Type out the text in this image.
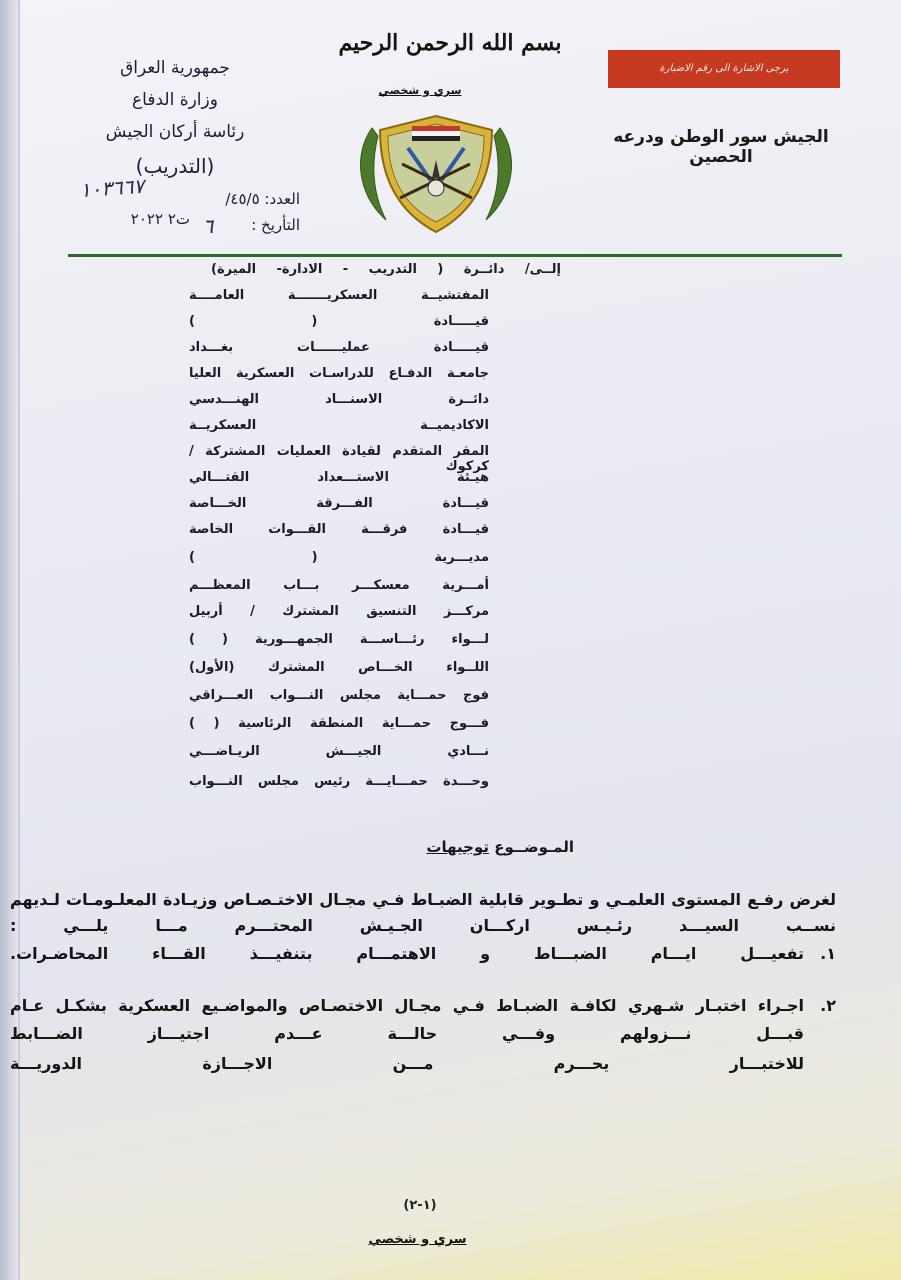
بسم الله الرحمن الرحيم
سري و شخصي
يرجى الاشارة الى رقم الاضبارة
الجيش سور الوطن ودرعه الحصين
جمهورية العراق
وزارة الدفاع
رئاسة أركان الجيش
(التدريب)
العدد: ٤٥/٥/
١٠٣٦٦٧
التأريخ :
٦
ت٢ ٢٠٢٢
إلــى/ دائــرة ( التدريب - الادارة- الميرة)
المفتشيــة العسكريـــــــة العامــــة
قيـــــادة ( )
قيـــــادة عمليــــــات بغـــداد
جامعـة الدفـاع للدراسـات العسكرية العليا
دائــرة الاسنـــاد الهنـــدسي
الاكاديميــة العسكريــة
المقر المتقدم لقيادة العمليات المشتركة / كركوك
هيـئة الاستـــعداد القتـــالي
قيـــادة الفـــرقة الخـــاصة
قيـــادة فرقـــة القـــوات الخاصة
مديـــرية ( )
أمـــرية معسكـــر بـــاب المعظـــم
مركـــز التنسيق المشترك / أربيل
لـــواء رئـــاســـة الجمهـــورية ( )
اللــواء الخـــاص المشترك (الأول)
فوج حمـــاية مجلس النـــواب العـــراقي
فـــوج حمـــاية المنطقة الرئاسية ( )
نـــادي الجيـــش الريـاضـــي
وحـــدة حمـــايـــة رئيس مجلس النـــواب
المـوضــوع توجيهات
لغرض رفـع المستوى العلمـي و تطـوير قابلية الضبـاط فـي مجـال الاختـصـاص وزيـادة المعلـومـات لـديهم
نســب السيـــد رئـيـس اركـــان الجـيـش المحتـــرم مـــا يلـــي :
١.
تفعيـــل ايـــام الضبـــاط و الاهتمـــام بتنفيـــذ القـــاء المحاضـرات.
٢.
اجـراء اختبـار شـهري لكافـة الضبـاط فـي مجـال الاختصـاص والمواضـيع العسكرية بشكـل عـام
قبـــل نـــزولهم وفـــي حالـــة عـــدم اجتيـــاز الضـــابط
للاختبـــار يحـــرم مـــن الاجـــازة الدوريـــة
(١-٢)
سري و شخصي
